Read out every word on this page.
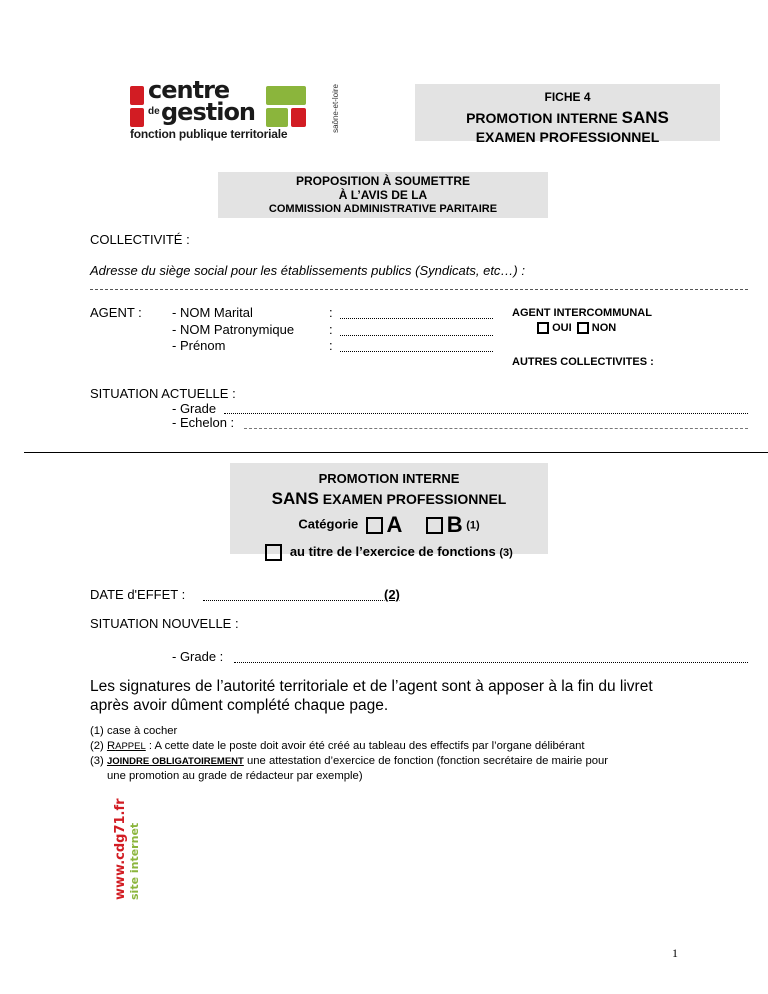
centre
de gestion
fonction publique territoriale
saône-et-loire	FICHE 4
PROMOTION INTERNE SANS
EXAMEN PROFESSIONNEL
PROPOSITION À SOUMETTRE
À L’AVIS DE LA
COMMISSION ADMINISTRATIVE PARITAIRE
COLLECTIVITÉ :
Adresse du siège social pour les établissements publics (Syndicats, etc…) :
AGENT : - NOM Marital
- NOM Patronymique
- Prénom
:
:
:
AGENT INTERCOMMUNAL
OUI NON
AUTRES COLLECTIVITES :
SITUATION ACTUELLE :
- Grade
- Echelon :
PROMOTION INTERNE
SANS EXAMEN PROFESSIONNEL
Catégorie A B (1)
au titre de l’exercice de fonctions (3)
DATE d'EFFET :	(2)
SITUATION NOUVELLE :
- Grade :
Les signatures de l’autorité territoriale et de l’agent sont à apposer à la fin du livret après avoir dûment complété chaque page.
(1) case à cocher
(2) RAPPEL : A cette date le poste doit avoir été créé au tableau des effectifs par l’organe délibérant
(3) JOINDRE OBLIGATOIREMENT une attestation d’exercice de fonction (fonction secrétaire de mairie pour
une promotion au grade de rédacteur par exemple)
www.cdg71.fr site internet
1
